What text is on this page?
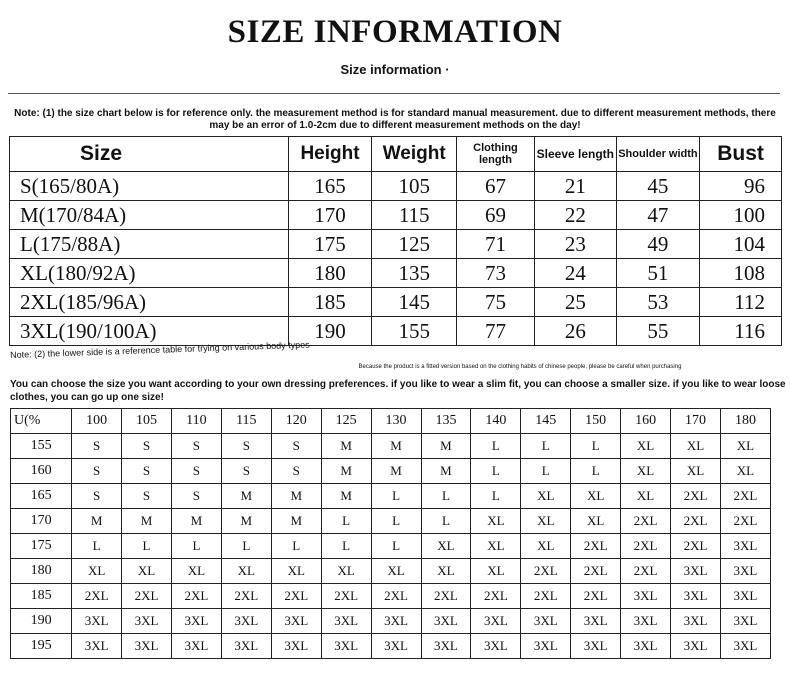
SIZE INFORMATION
Size information ·
Note: (1) the size chart below is for reference only. the measurement method is for standard manual measurement. due to different measurement methods, there may be an error of 1.0-2cm due to different measurement methods on the day!
Size	Height	Weight	Clothing length	Sleeve length	Shoulder width	Bust
S(165/80A)	165	105	67	21	45	96
M(170/84A)	170	115	69	22	47	100
L(175/88A)	175	125	71	23	49	104
XL(180/92A)	180	135	73	24	51	108
2XL(185/96A)	185	145	75	25	53	112
3XL(190/100A)	190	155	77	26	55	116
Note: (2) the lower side is a reference table for trying on various body types
Because the product is a fitted version based on the clothing habits of chinese people, please be careful when purchasing
You can choose the size you want according to your own dressing preferences. if you like to wear a slim fit, you can choose a smaller size. if you like to wear loose clothes, you can go up one size!
U(%	100	105	110	115	120	125	130	135	140	145	150	160	170	180
155	S	S	S	S	S	M	M	M	L	L	L	XL	XL	XL
160	S	S	S	S	S	M	M	M	L	L	L	XL	XL	XL
165	S	S	S	M	M	M	L	L	L	XL	XL	XL	2XL	2XL
170	M	M	M	M	M	L	L	L	XL	XL	XL	2XL	2XL	2XL
175	L	L	L	L	L	L	L	XL	XL	XL	2XL	2XL	2XL	3XL
180	XL	XL	XL	XL	XL	XL	XL	XL	XL	2XL	2XL	2XL	3XL	3XL
185	2XL	2XL	2XL	2XL	2XL	2XL	2XL	2XL	2XL	2XL	2XL	3XL	3XL	3XL
190	3XL	3XL	3XL	3XL	3XL	3XL	3XL	3XL	3XL	3XL	3XL	3XL	3XL	3XL
195	3XL	3XL	3XL	3XL	3XL	3XL	3XL	3XL	3XL	3XL	3XL	3XL	3XL	3XL
